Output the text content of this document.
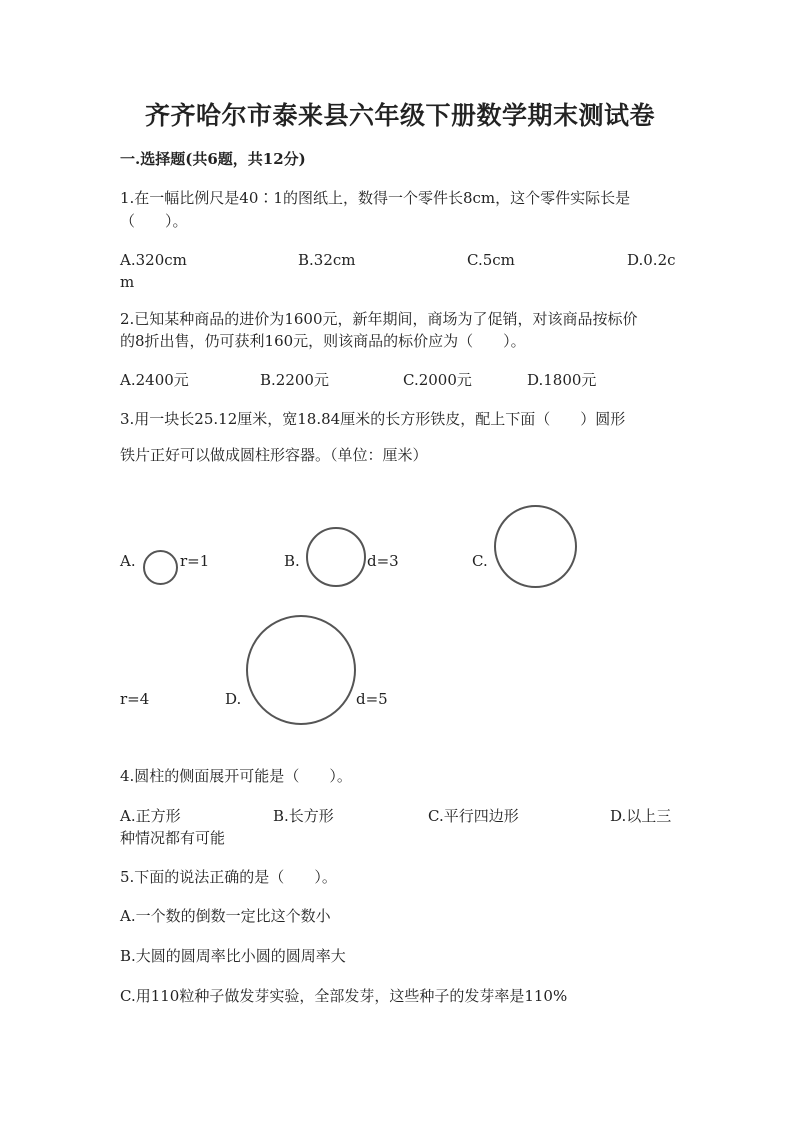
齐齐哈尔市泰来县六年级下册数学期末测试卷
一.选择题(共6题，共12分)
1.在一幅比例尺是40∶1的图纸上，数得一个零件长8cm，这个零件实际长是
（　　）。
A.320cm	B.32cm	C.5cm	D.0.2c
m
2.已知某种商品的进价为1600元，新年期间，商场为了促销，对该商品按标价
的8折出售，仍可获利160元，则该商品的标价应为（　　）。
A.2400元	B.2200元	C.2000元	D.1800元
3.用一块长25.12厘米，宽18.84厘米的长方形铁皮，配上下面（　　）圆形
铁片正好可以做成圆柱形容器。（单位：厘米）
A.	r=1	B.	d=3	C.
r=4	D.	d=5
4.圆柱的侧面展开可能是（　　）。
A.正方形	B.长方形	C.平行四边形	D.以上三
种情况都有可能
5.下面的说法正确的是（　　）。
A.一个数的倒数一定比这个数小
B.大圆的圆周率比小圆的圆周率大
C.用110粒种子做发芽实验，全部发芽，这些种子的发芽率是110%
